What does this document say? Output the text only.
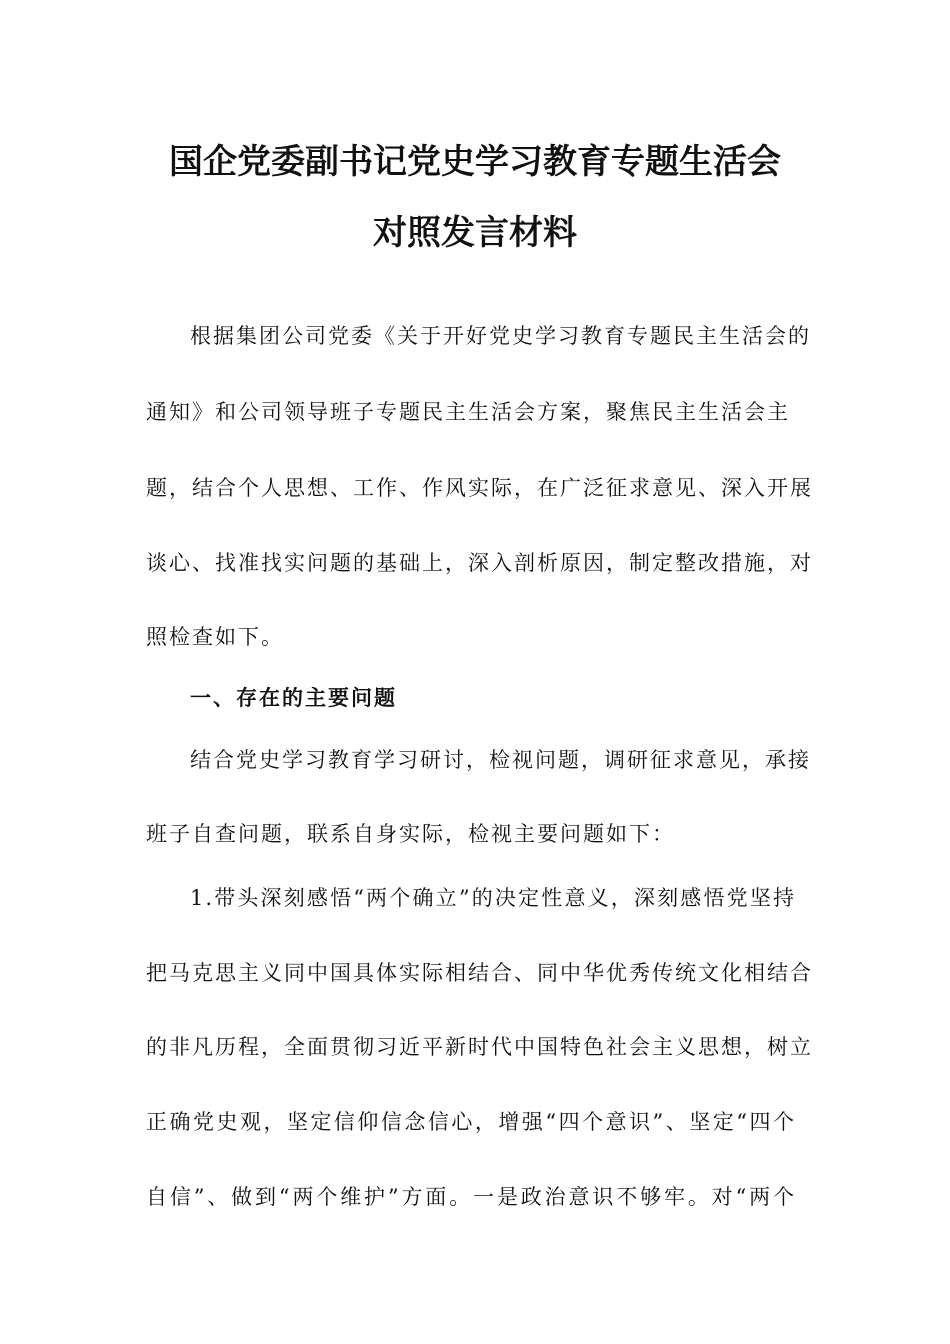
国企党委副书记党史学习教育专题生活会
对照发言材料
根据集团公司党委《关于开好党史学习教育专题民主生活会的
通知》和公司领导班子专题民主生活会方案，聚焦民主生活会主
题，结合个人思想、工作、作风实际，在广泛征求意见、深入开展
谈心、找准找实问题的基础上，深入剖析原因，制定整改措施，对
照检查如下。
一、存在的主要问题
结合党史学习教育学习研讨，检视问题，调研征求意见，承接
班子自查问题，联系自身实际，检视主要问题如下：
1.带头深刻感悟“两个确立”的决定性意义，深刻感悟党坚持
把马克思主义同中国具体实际相结合、同中华优秀传统文化相结合
的非凡历程，全面贯彻习近平新时代中国特色社会主义思想，树立
正确党史观，坚定信仰信念信心，增强“四个意识”、坚定“四个
自信”、做到“两个维护”方面。一是政治意识不够牢。对“两个
